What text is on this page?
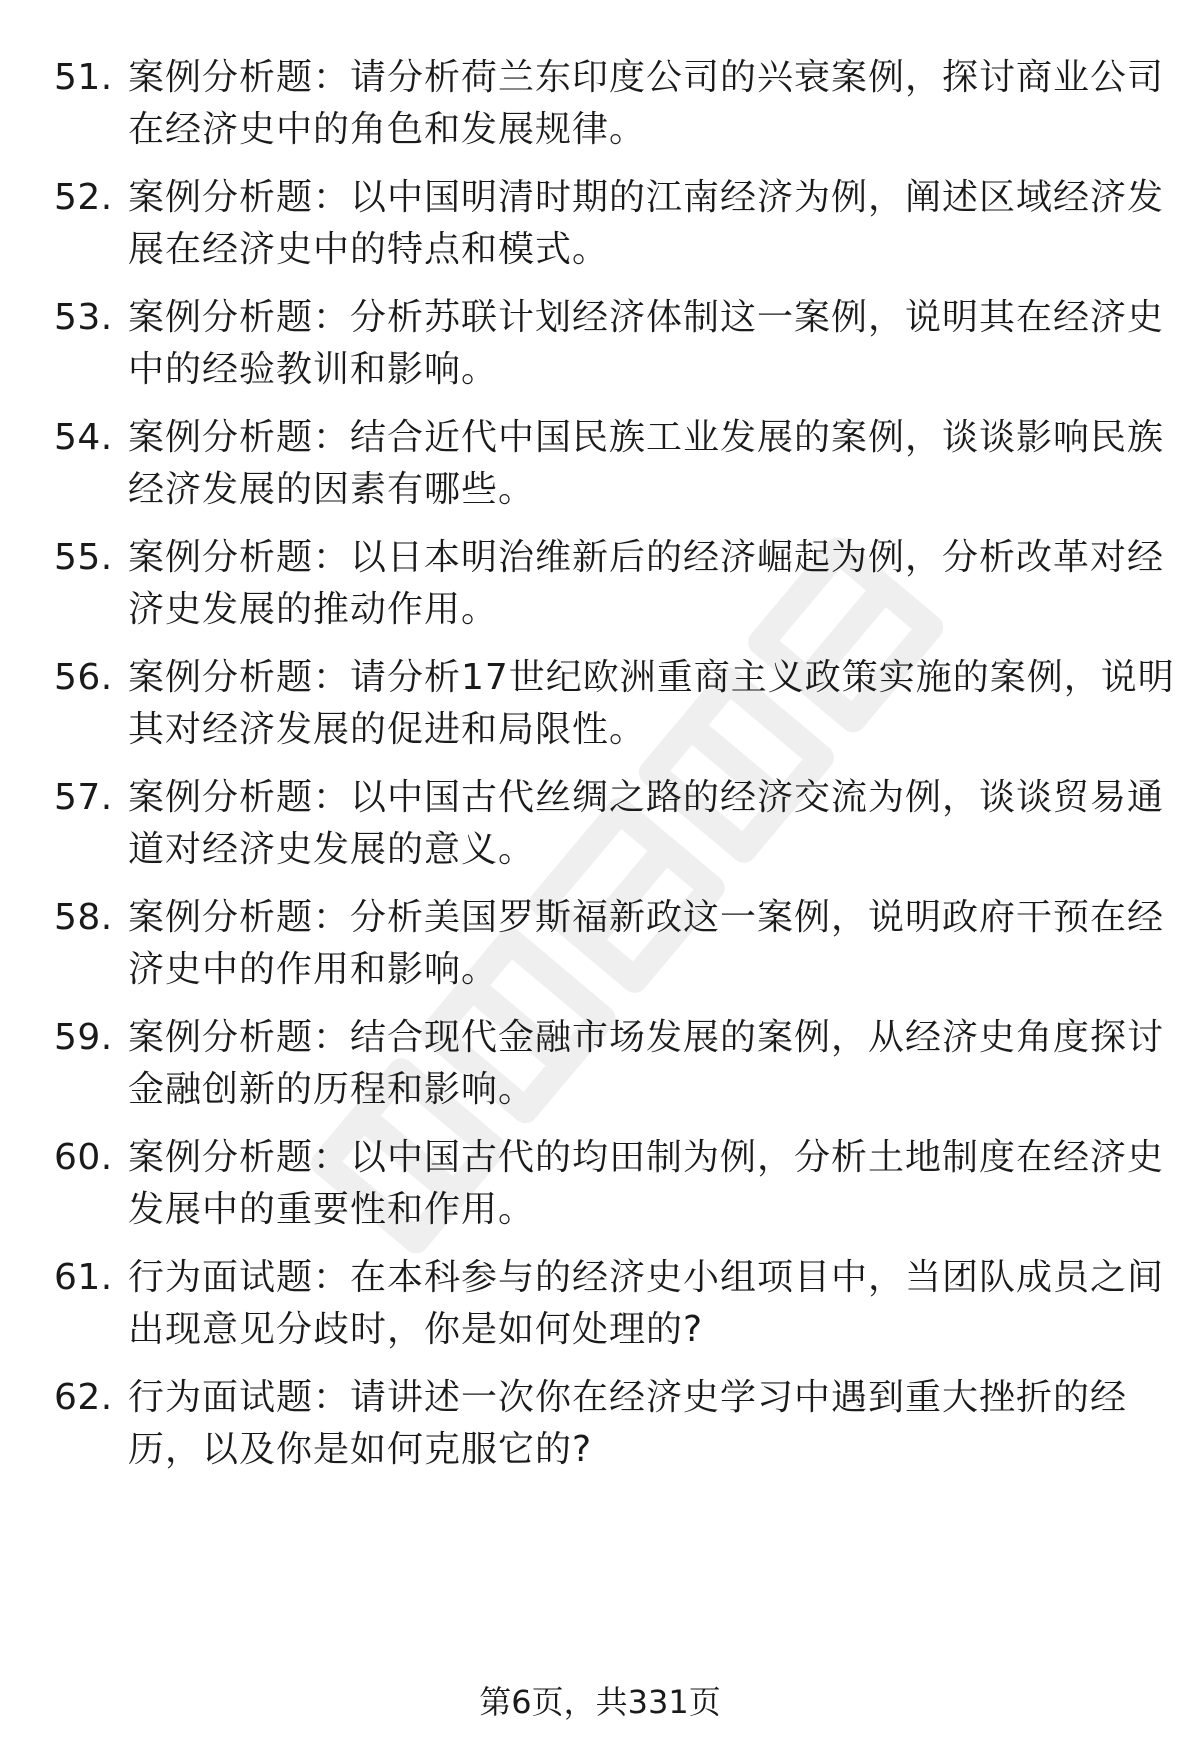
51. 案例分析题：请分析荷兰东印度公司的兴衰案例，探讨商业公司
在经济史中的角色和发展规律。
52. 案例分析题：以中国明清时期的江南经济为例，阐述区域经济发
展在经济史中的特点和模式。
53. 案例分析题：分析苏联计划经济体制这一案例，说明其在经济史
中的经验教训和影响。
54. 案例分析题：结合近代中国民族工业发展的案例，谈谈影响民族
经济发展的因素有哪些。
55. 案例分析题：以日本明治维新后的经济崛起为例，分析改革对经
济史发展的推动作用。
56. 案例分析题：请分析17世纪欧洲重商主义政策实施的案例，说明
其对经济发展的促进和局限性。
57. 案例分析题：以中国古代丝绸之路的经济交流为例，谈谈贸易通
道对经济史发展的意义。
58. 案例分析题：分析美国罗斯福新政这一案例，说明政府干预在经
济史中的作用和影响。
59. 案例分析题：结合现代金融市场发展的案例，从经济史角度探讨
金融创新的历程和影响。
60. 案例分析题：以中国古代的均田制为例，分析土地制度在经济史
发展中的重要性和作用。
61. 行为面试题：在本科参与的经济史小组项目中，当团队成员之间
出现意见分歧时，你是如何处理的?
62. 行为面试题：请讲述一次你在经济史学习中遇到重大挫折的经
历，以及你是如何克服它的?
第6页，共331页
